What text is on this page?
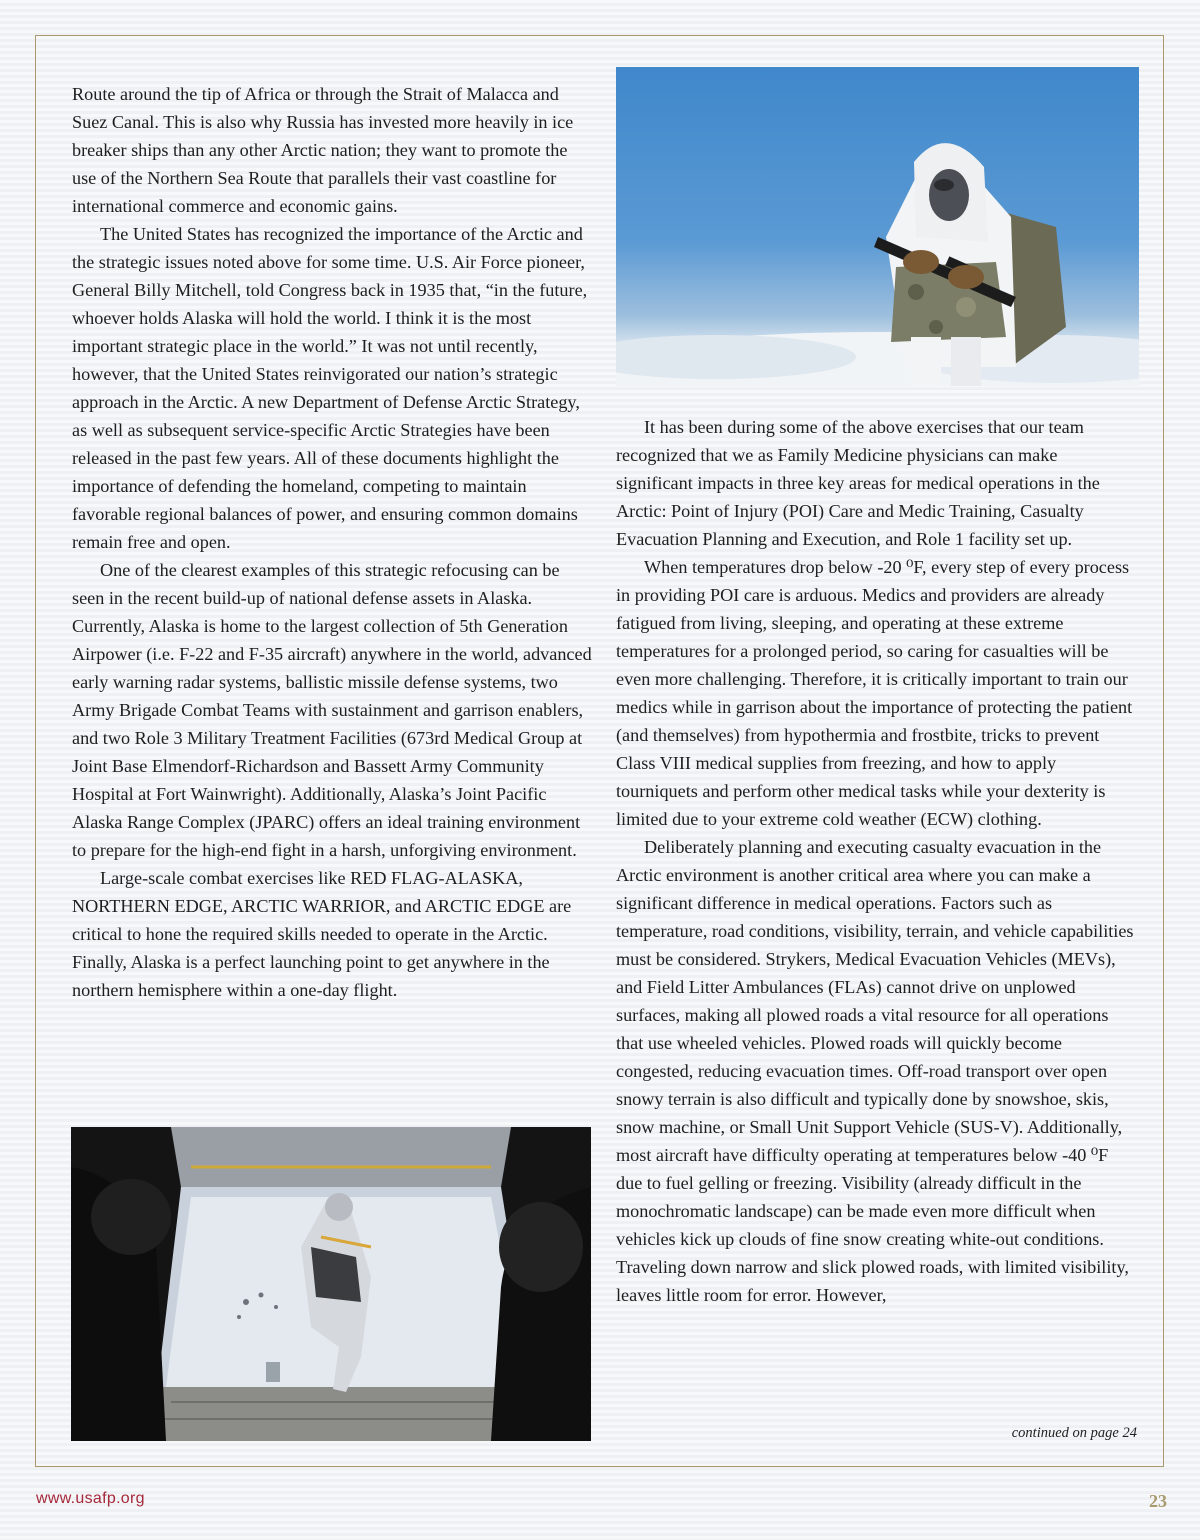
Route around the tip of Africa or through the Strait of Malacca and Suez Canal. This is also why Russia has invested more heavily in ice breaker ships than any other Arctic nation; they want to promote the use of the Northern Sea Route that parallels their vast coastline for international commerce and economic gains.

The United States has recognized the importance of the Arctic and the strategic issues noted above for some time. U.S. Air Force pioneer, General Billy Mitchell, told Congress back in 1935 that, “in the future, whoever holds Alaska will hold the world. I think it is the most important strategic place in the world.” It was not until recently, however, that the United States reinvigorated our nation’s strategic approach in the Arctic. A new Department of Defense Arctic Strategy, as well as subsequent service-specific Arctic Strategies have been released in the past few years. All of these documents highlight the importance of defending the homeland, competing to maintain favorable regional balances of power, and ensuring common domains remain free and open.

One of the clearest examples of this strategic refocusing can be seen in the recent build-up of national defense assets in Alaska. Currently, Alaska is home to the largest collection of 5th Generation Airpower (i.e. F-22 and F-35 aircraft) anywhere in the world, advanced early warning radar systems, ballistic missile defense systems, two Army Brigade Combat Teams with sustainment and garrison enablers, and two Role 3 Military Treatment Facilities (673rd Medical Group at Joint Base Elmendorf-Richardson and Bassett Army Community Hospital at Fort Wainwright). Additionally, Alaska’s Joint Pacific Alaska Range Complex (JPARC) offers an ideal training environment to prepare for the high-end fight in a harsh, unforgiving environment.

Large-scale combat exercises like RED FLAG-ALASKA, NORTHERN EDGE, ARCTIC WARRIOR, and ARCTIC EDGE are critical to hone the required skills needed to operate in the Arctic. Finally, Alaska is a perfect launching point to get anywhere in the northern hemisphere within a one-day flight.

It has been during some of the above exercises that our team recognized that we as Family Medicine physicians can make significant impacts in three key areas for medical operations in the Arctic: Point of Injury (POI) Care and Medic Training, Casualty Evacuation Planning and Execution, and Role 1 facility set up.

When temperatures drop below -20 ⁰F, every step of every process in providing POI care is arduous. Medics and providers are already fatigued from living, sleeping, and operating at these extreme temperatures for a prolonged period, so caring for casualties will be even more challenging. Therefore, it is critically important to train our medics while in garrison about the importance of protecting the patient (and themselves) from hypothermia and frostbite, tricks to prevent Class VIII medical supplies from freezing, and how to apply tourniquets and perform other medical tasks while your dexterity is limited due to your extreme cold weather (ECW) clothing.

Deliberately planning and executing casualty evacuation in the Arctic environment is another critical area where you can make a significant difference in medical operations. Factors such as temperature, road conditions, visibility, terrain, and vehicle capabilities must be considered. Strykers, Medical Evacuation Vehicles (MEVs), and Field Litter Ambulances (FLAs) cannot drive on unplowed surfaces, making all plowed roads a vital resource for all operations that use wheeled vehicles. Plowed roads will quickly become congested, reducing evacuation times. Off-road transport over open snowy terrain is also difficult and typically done by snowshoe, skis, snow machine, or Small Unit Support Vehicle (SUS-V). Additionally, most aircraft have difficulty operating at temperatures below -40 ⁰F due to fuel gelling or freezing. Visibility (already difficult in the monochromatic landscape) can be made even more difficult when vehicles kick up clouds of fine snow creating white-out conditions. Traveling down narrow and slick plowed roads, with limited visibility, leaves little room for error. However,

continued on page 24
www.usafp.org	23
